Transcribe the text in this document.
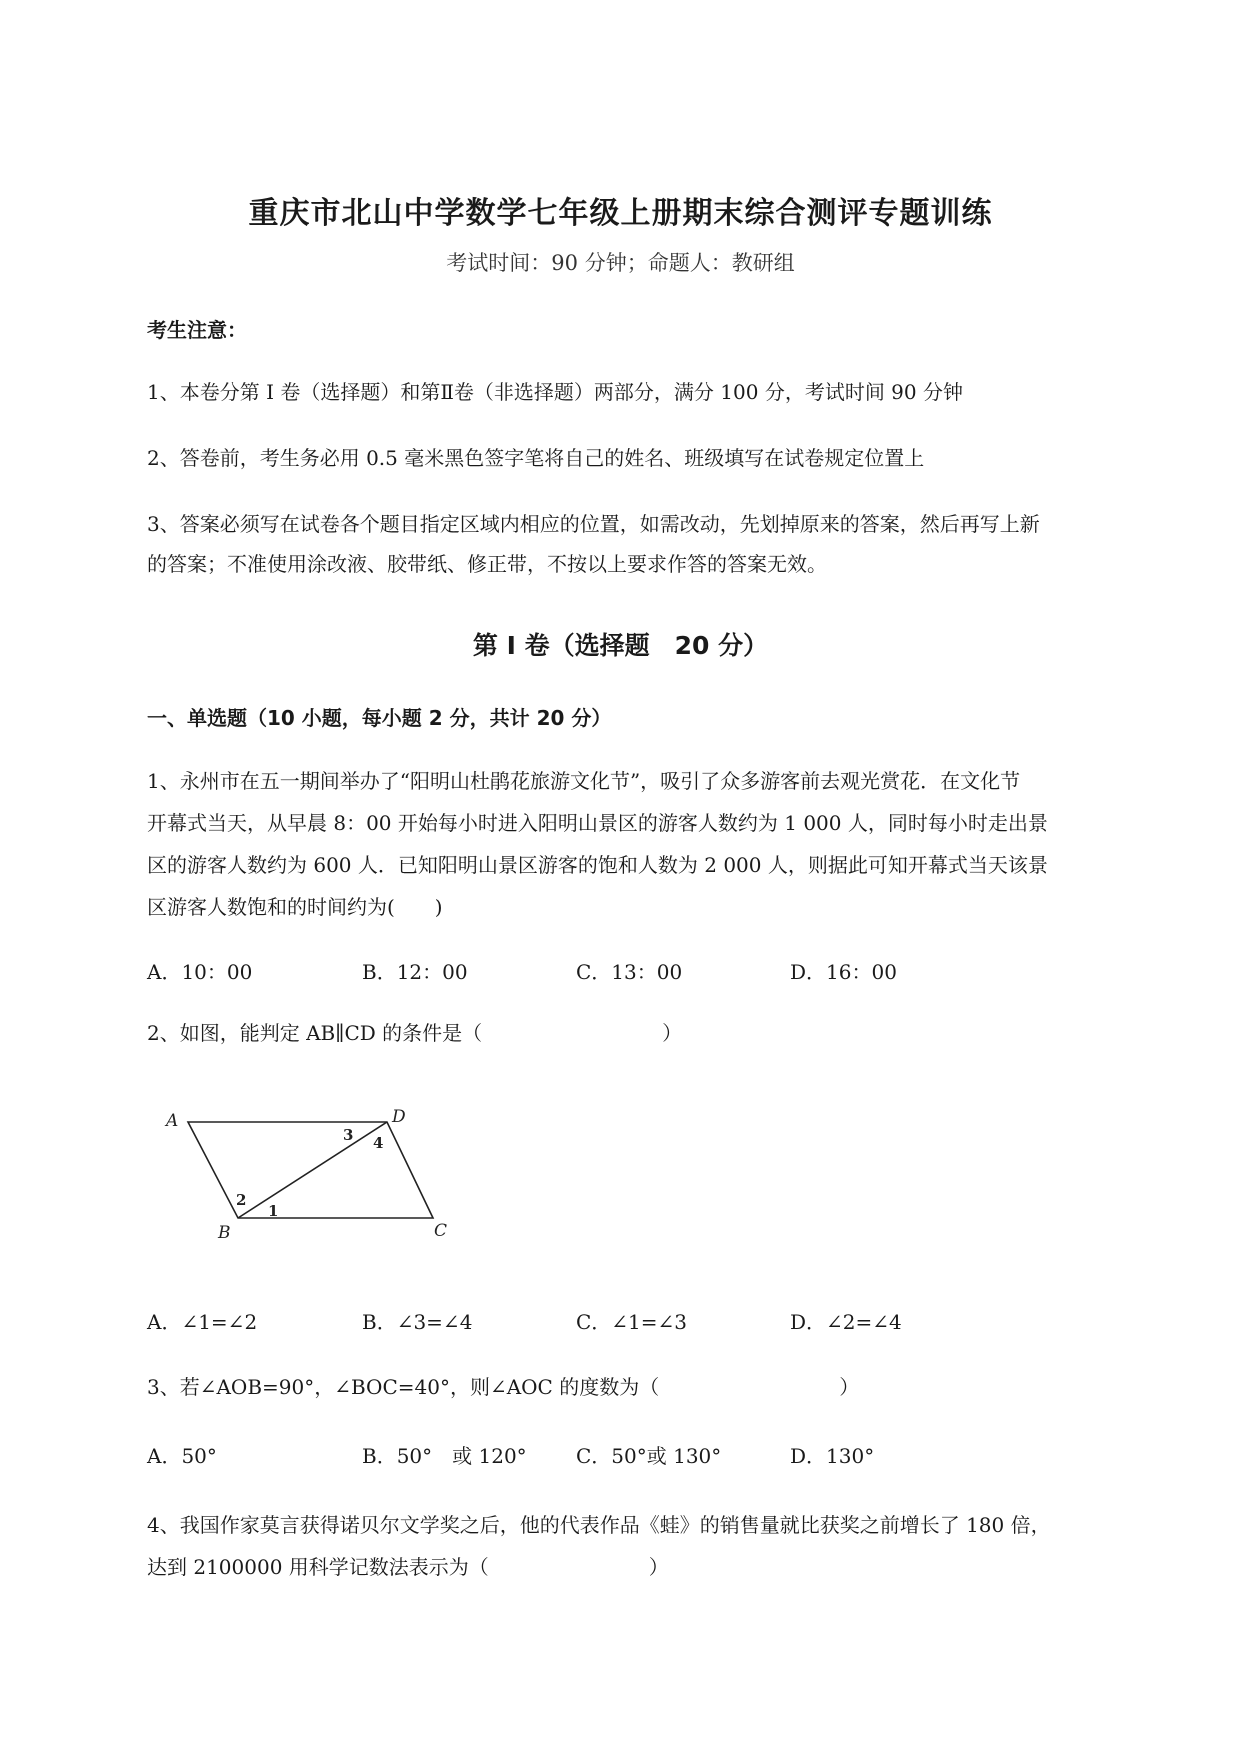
重庆市北山中学数学七年级上册期末综合测评专题训练
考试时间：90 分钟；命题人：教研组
考生注意：
1、本卷分第 I 卷（选择题）和第Ⅱ卷（非选择题）两部分，满分 100 分，考试时间 90 分钟
2、答卷前，考生务必用 0.5 毫米黑色签字笔将自己的姓名、班级填写在试卷规定位置上
3、答案必须写在试卷各个题目指定区域内相应的位置，如需改动，先划掉原来的答案，然后再写上新
的答案；不准使用涂改液、胶带纸、修正带，不按以上要求作答的答案无效。
第 I 卷（选择题　20 分）
一、单选题（10 小题，每小题 2 分，共计 20 分）
1、永州市在五一期间举办了“阳明山杜鹃花旅游文化节”，吸引了众多游客前去观光赏花．在文化节
开幕式当天，从早晨 8：00 开始每小时进入阳明山景区的游客人数约为 1 000 人，同时每小时走出景
区的游客人数约为 600 人．已知阳明山景区游客的饱和人数为 2 000 人，则据此可知开幕式当天该景
区游客人数饱和的时间约为(　　)
A．10：00	B．12：00	C．13：00	D．16：00
2、如图，能判定 AB∥CD 的条件是（　　　　　　　　　）
A	D
C
B
1
2
3 4
A．∠1=∠2	B．∠3=∠4	C．∠1=∠3	D．∠2=∠4
3、若∠AOB=90°，∠BOC=40°，则∠AOC 的度数为（　　　　　　　　　）
A．50°	B．50°　或 120° C．50°或 130°	D．130°
4、我国作家莫言获得诺贝尔文学奖之后，他的代表作品《蛙》的销售量就比获奖之前增长了 180 倍，
达到 2100000 用科学记数法表示为（　　　　　　　　）
